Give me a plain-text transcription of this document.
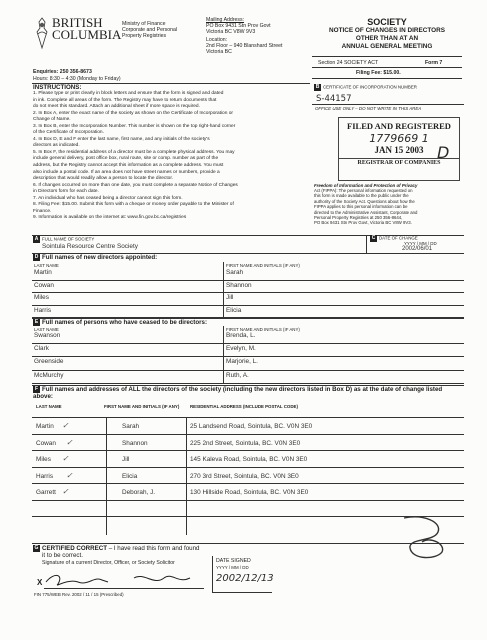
BRITISH
COLUMBIA
Ministry of Finance
Corporate and Personal
Property Registries
Mailing Address:
PO Box 9431 Stn Prov Govt
Victoria BC V8W 9V3
Location:
2nd Floor – 940 Blanshard Street
Victoria BC
Enquiries: 250 356-8673
Hours: 8:30 – 4:30 (Monday to Friday)
SOCIETY
NOTICE OF CHANGES IN DIRECTORS
OTHER THAN AT AN
ANNUAL GENERAL MEETING
Section 24 SOCIETY ACT	Form 7
Filing Fee: $15.00.
INSTRUCTIONS:
1. Please type or print clearly in block letters and ensure that the form is signed and dated
in ink. Complete all areas of the form. The Registry may have to return documents that
do not meet this standard. Attach an additional sheet if more space is required.
2. In Box A, enter the exact name of the society as shown on the Certificate of Incorporation or
Change of Name.
3. In Box B, enter the Incorporation Number. This number is shown on the top right-hand corner
of the Certificate of Incorporation.
4. In Box D, E and F enter the last name, first name, and any initials of the society's
directors as indicated.
5. In Box F, the residential address of a director must be a complete physical address. You may
include general delivery, post office box, rural route, site or comp. number as part of the
address, but the Registry cannot accept this information as a complete address. You must
also include a postal code. If an area does not have street names or numbers, provide a
description that would readily allow a person to locate the director.
6. If changes occurred on more than one date, you must complete a separate Notice of Changes
in Directors form for each date.
7. An individual who has ceased being a director cannot sign this form.
8. Filing Fee: $15.00. Submit this form with a cheque or money order payable to the Minister of
Finance.
9. Information is available on the internet at: www.fin.gov.bc.ca/registries
B CERTIFICATE OF INCORPORATION NUMBER
S-44157
OFFICE USE ONLY – DO NOT WRITE IN THIS AREA
FILED AND REGISTERED
1779669 1
JAN 15 2003
REGISTRAR OF COMPANIES
D
Freedom of Information and Protection of Privacy
Act (FIPPA): The personal information requested on
this form is made available to the public under the
authority of the Society Act. Questions about how the
FIPPA applies to this personal information can be
directed to the Administrative Assistant, Corporate and
Personal Property Registries at 250 356-8644,
PO Box 9431 Stn Prov Govt, Victoria BC V8W 9V3.
A FULL NAME OF SOCIETY
Sointula Resource Centre Society
C DATE OF CHANGE
YYYY / MM / DD
2002/06/01
D Full names of new directors appointed:
LAST NAME	FIRST NAME AND INITIALS (IF ANY)
E Full names of persons who have ceased to be directors:
LAST NAME	FIRST NAME AND INITIALS (IF ANY)
F Full names and addresses of ALL the directors of the society (including the new directors listed in Box D) as at the date of change listed above:
LAST NAME	FIRST NAME AND INITIALS (IF ANY) RESIDENTIAL ADDRESS (INCLUDE POSTAL CODE)
G CERTIFIED CORRECT – I have read this form and found
it to be correct.
Signature of a current Director, Officer, or Society Solicitor
X
DATE SIGNED
YYYY / MM / DD
2002/12/13
FIN 775/WEB Rev. 2002 / 11 / 15 (Prescribed)
Martin	Sarah
Cowan	Shannon
Miles	Jill
Harris	Elicia
Swanson	Brenda, L.
Clark	Evelyn, M.
Greenside	Marjorie, L.
McMurchy	Ruth, A.
Martin ✓	Sarah	25 Landsend Road, Sointula, BC. V0N 3E0
Cowan ✓	Shannon	225 2nd Street, Sointula, BC. V0N 3E0
Miles ✓	Jill	145 Kaleva Road, Sointula, BC. V0N 3E0
Harris ✓	Elicia	270 3rd Street, Sointula, BC. V0N 3E0
Garrett ✓	Deborah, J.	130 Hillside Road, Sointula, BC. V0N 3E0
